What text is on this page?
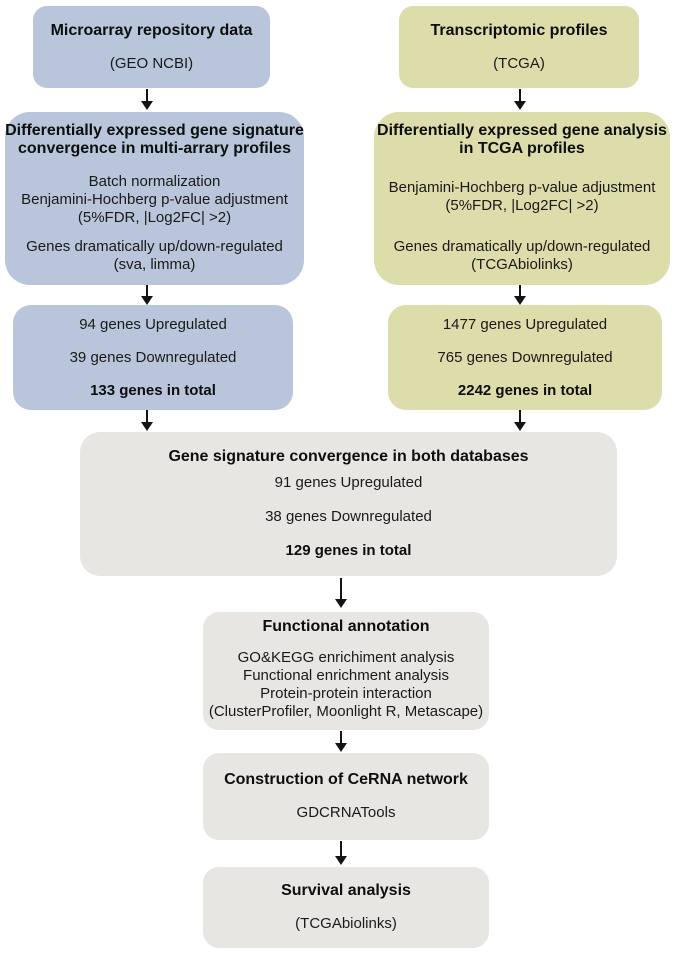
Microarray repository data
(GEO NCBI)
Transcriptomic profiles
(TCGA)
Differentially expressed gene signature
convergence in multi-arrary profiles
Batch normalization
Benjamini-Hochberg p-value adjustment
(5%FDR, |Log2FC| >2)
Genes dramatically up/down-regulated
(sva, limma)
Differentially expressed gene analysis
in TCGA profiles
Benjamini-Hochberg p-value adjustment
(5%FDR, |Log2FC| >2)
Genes dramatically up/down-regulated
(TCGAbiolinks)
94 genes Upregulated
39 genes Downregulated
133 genes in total
1477 genes Upregulated
765 genes Downregulated
2242 genes in total
Gene signature convergence in both databases
91 genes Upregulated
38 genes Downregulated
129 genes in total
Functional annotation
GO&KEGG enrichiment analysis
Functional enrichment analysis
Protein-protein interaction
(ClusterProfiler, Moonlight R, Metascape)
Construction of CeRNA network
GDCRNATools
Survival analysis
(TCGAbiolinks)
